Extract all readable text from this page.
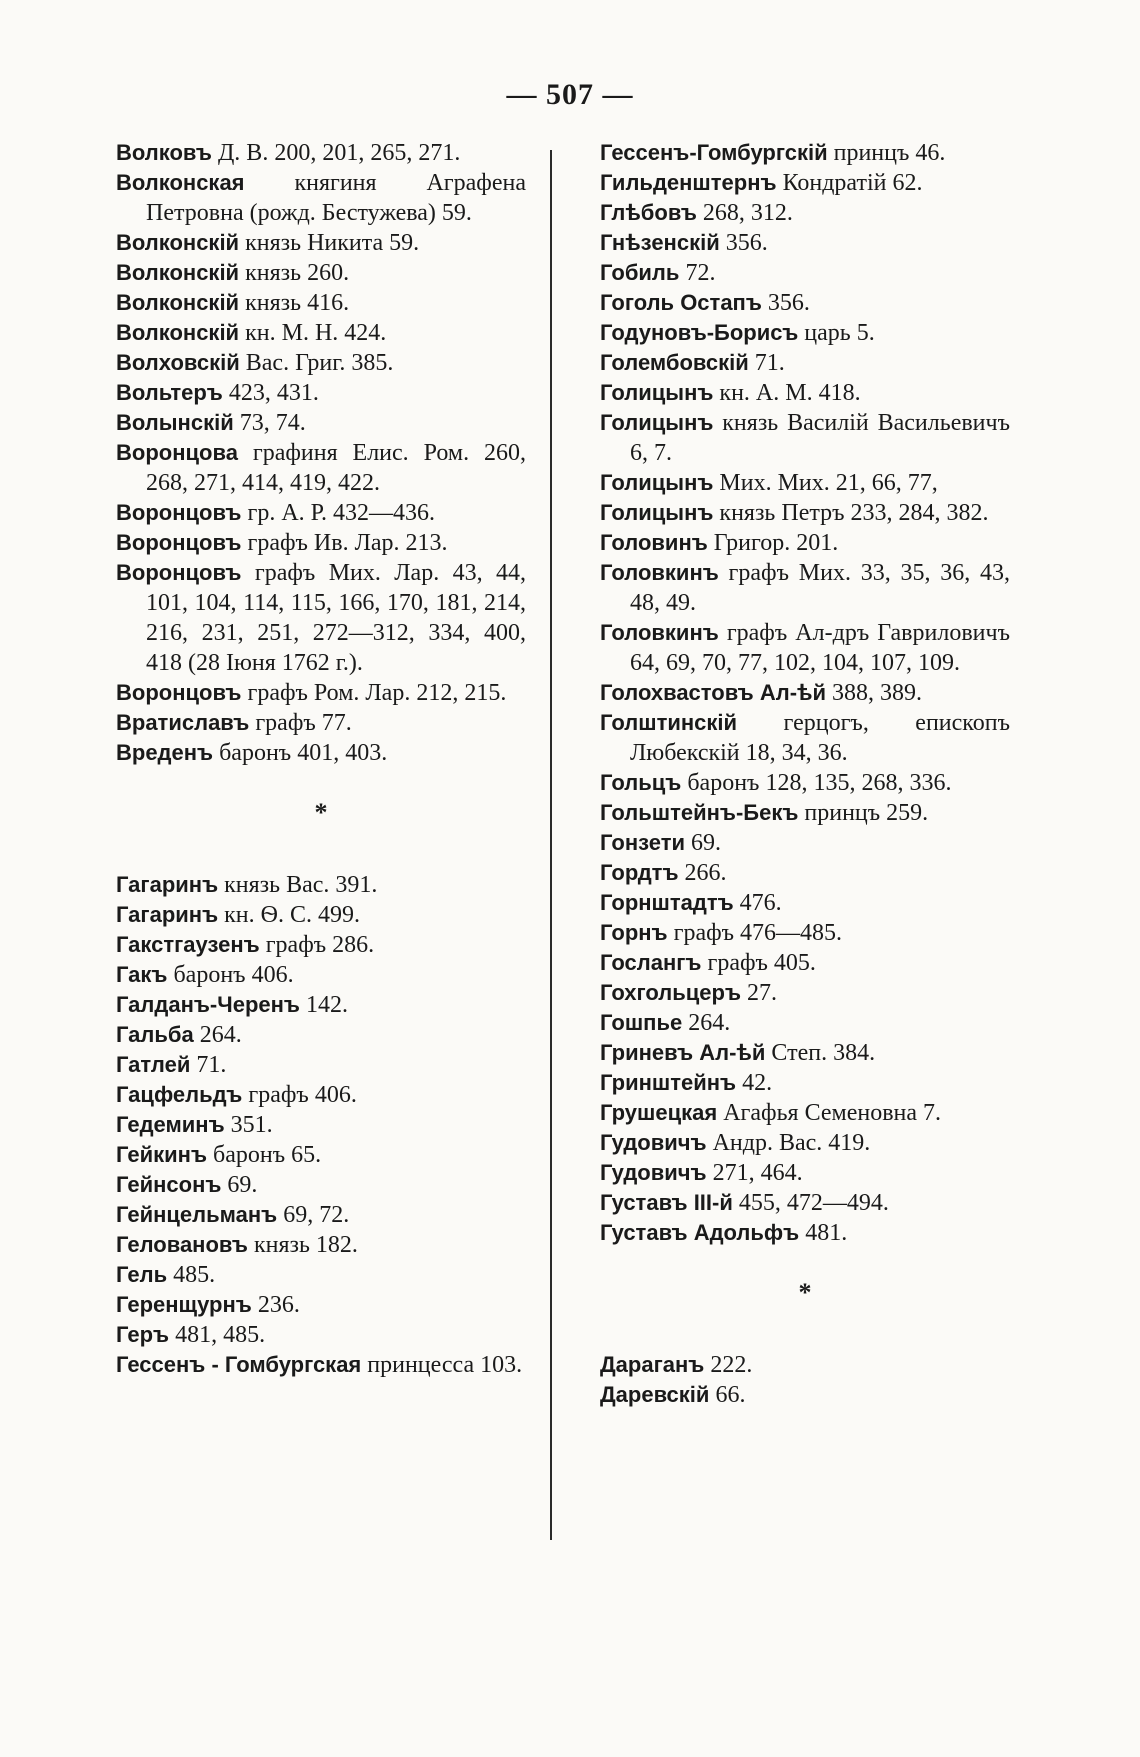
— 507 —

Волковъ Д. В. 200, 201, 265, 271.

Волконская княгиня Аграфена Петровна (рожд. Бестужева) 59.

Волконскій князь Никита 59.

Волконскій князь 260.

Волконскій князь 416.

Волконскій кн. М. Н. 424.

Волховскій Вас. Григ. 385.

Вольтеръ 423, 431.

Волынскій 73, 74.

Воронцова графиня Елис. Ром. 260, 268, 271, 414, 419, 422.

Воронцовъ гр. А. Р. 432—436.

Воронцовъ графъ Ив. Лар. 213.

Воронцовъ графъ Мих. Лар. 43, 44, 101, 104, 114, 115, 166, 170, 181, 214, 216, 231, 251, 272—312, 334, 400, 418 (28 Іюня 1762 г.).

Воронцовъ графъ Ром. Лар. 212, 215.

Вратиславъ графъ 77.

Вреденъ баронъ 401, 403.

*

Гагаринъ князь Вас. 391.

Гагаринъ кн. Ѳ. С. 499.

Гакстгаузенъ графъ 286.

Гакъ баронъ 406.

Галданъ-Черенъ 142.

Гальба 264.

Гатлей 71.

Гацфельдъ графъ 406.

Гедеминъ 351.

Гейкинъ баронъ 65.

Гейнсонъ 69.

Гейнцельманъ 69, 72.

Геловановъ князь 182.

Гель 485.

Геренщурнъ 236.

Геръ 481, 485.

Гессенъ - Гомбургская принцесса 103.

Гессенъ-Гомбургскій принцъ 46.

Гильденштернъ Кондратій 62.

Глѣбовъ 268, 312.

Гнѣзенскій 356.

Гобиль 72.

Гоголь Остапъ 356.

Годуновъ-Борисъ царь 5.

Голембовскій 71.

Голицынъ кн. А. М. 418.

Голицынъ князь Василій Васильевичъ 6, 7.

Голицынъ Мих. Мих. 21, 66, 77,

Голицынъ князь Петръ 233, 284, 382.

Головинъ Григор. 201.

Головкинъ графъ Мих. 33, 35, 36, 43, 48, 49.

Головкинъ графъ Ал-дръ Гавриловичъ 64, 69, 70, 77, 102, 104, 107, 109.

Голохвастовъ Ал-ѣй 388, 389.

Голштинскій герцогъ, епископъ Любекскій 18, 34, 36.

Гольцъ баронъ 128, 135, 268, 336.

Гольштейнъ-Бекъ принцъ 259.

Гонзети 69.

Гордтъ 266.

Горнштадтъ 476.

Горнъ графъ 476—485.

Гослангъ графъ 405.

Гохгольцеръ 27.

Гошпье 264.

Гриневъ Ал-ѣй Степ. 384.

Гринштейнъ 42.

Грушецкая Агафья Семеновна 7.

Гудовичъ Андр. Вас. 419.

Гудовичъ 271, 464.

Густавъ III-й 455, 472—494.

Густавъ Адольфъ 481.

*

Дараганъ 222.

Даревскій 66.
